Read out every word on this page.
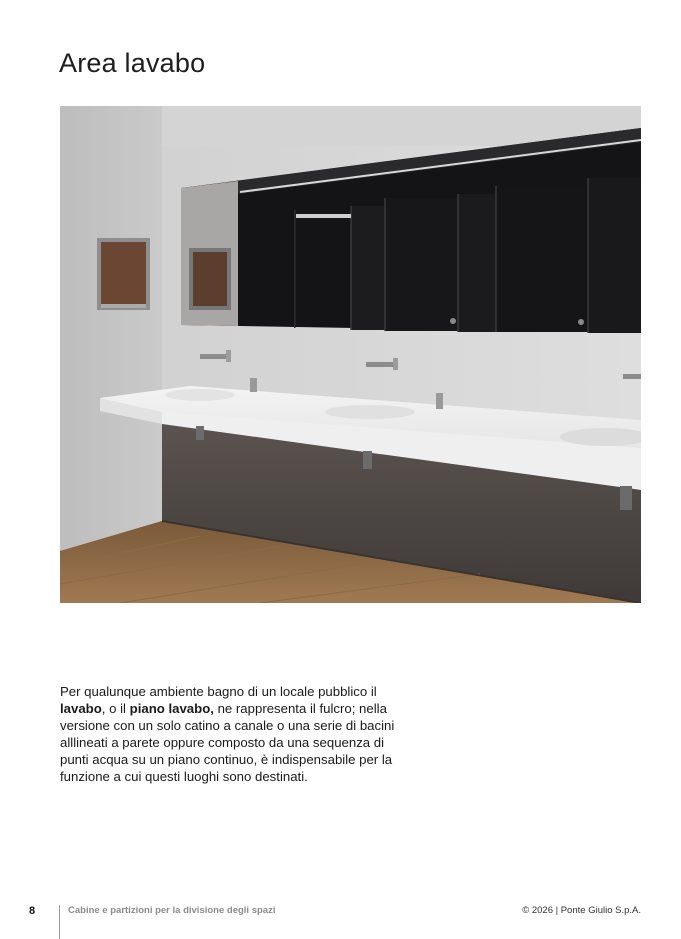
Area lavabo
Per qualunque ambiente bagno di un locale pubblico il lavabo, o il piano lavabo, ne rappresenta il fulcro; nella versione con un solo catino a canale o una serie di bacini alllineati a parete oppure composto da una sequenza di punti acqua su un piano continuo, è indispensabile per la funzione a cui questi luoghi sono destinati.
8	Cabine e partizioni per la divisione degli spazi	© 2026 | Ponte Giulio S.p.A.
